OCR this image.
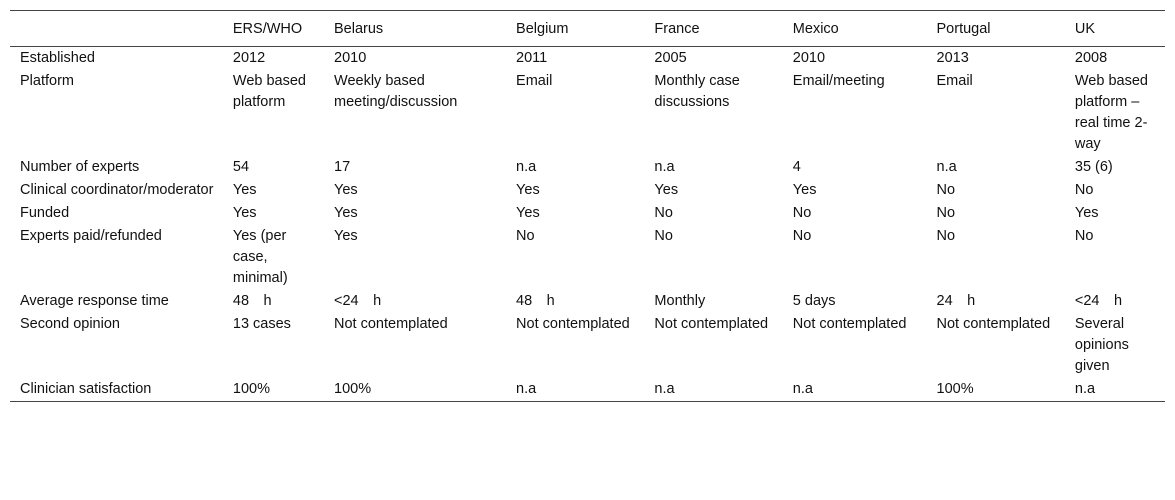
	ERS/WHO	Belarus	Belgium	France	Mexico	Portugal	UK
Established	2012	2010	2011	2005	2010	2013	2008
Platform	Web based platform	Weekly based meeting/discussion	Email	Monthly case discussions	Email/meeting	Email	Web based platform – real time 2-way
Number of experts	54	17	n.a	n.a	4	n.a	35 (6)
Clinical coordinator/moderator	Yes	Yes	Yes	Yes	Yes	No	No
Funded	Yes	Yes	Yes	No	No	No	Yes
Experts paid/refunded	Yes (per case, minimal)	Yes	No	No	No	No	No
Average response time	48 h	<24 h	48 h	Monthly	5 days	24 h	<24 h
Second opinion	13 cases	Not contemplated	Not contemplated	Not contemplated	Not contemplated	Not contemplated	Several opinions given
Clinician satisfaction	100%	100%	n.a	n.a	n.a	100%	n.a
